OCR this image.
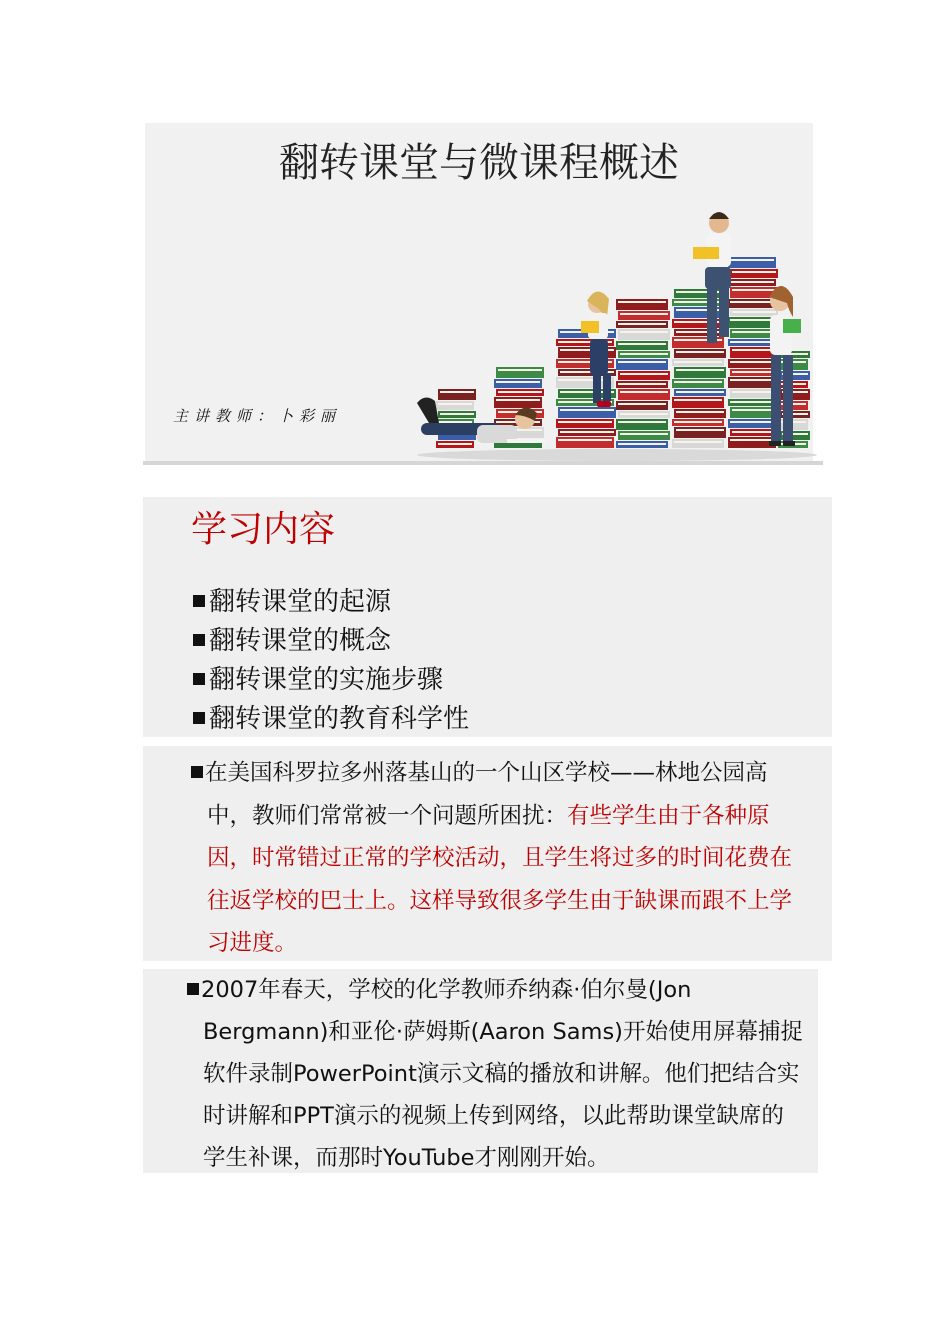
翻转课堂与微课程概述
主讲教师：卜彩丽
学习内容
翻转课堂的起源
翻转课堂的概念
翻转课堂的实施步骤
翻转课堂的教育科学性
在美国科罗拉多州落基山的一个山区学校——林地公园高中，教师们常常被一个问题所困扰：有些学生由于各种原因，时常错过正常的学校活动，且学生将过多的时间花费在往返学校的巴士上。这样导致很多学生由于缺课而跟不上学习进度。
2007年春天，学校的化学教师乔纳森·伯尔曼(Jon Bergmann)和亚伦·萨姆斯(Aaron Sams)开始使用屏幕捕捉软件录制PowerPoint演示文稿的播放和讲解。他们把结合实时讲解和PPT演示的视频上传到网络，以此帮助课堂缺席的学生补课，而那时YouTube才刚刚开始。
